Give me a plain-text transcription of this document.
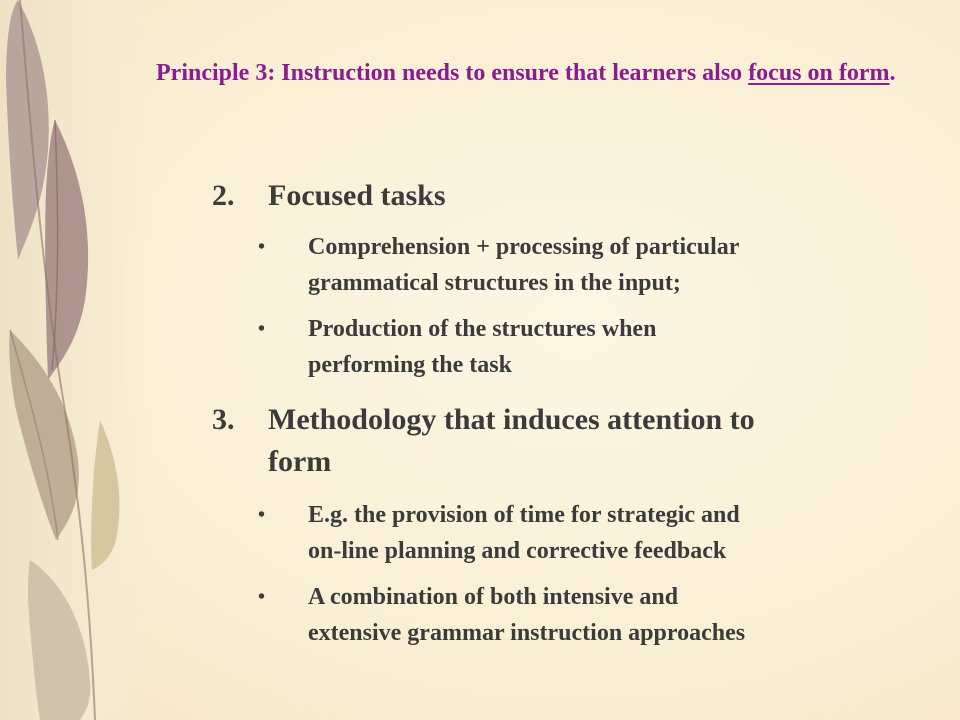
Principle 3: Instruction needs to ensure that learners also focus on form.
2. Focused tasks
• Comprehension + processing of particular
grammatical structures in the input;
• Production of the structures when
performing the task
3. Methodology that induces attention to
form
• E.g. the provision of time for strategic and
on-line planning and corrective feedback
• A combination of both intensive and
extensive grammar instruction approaches
